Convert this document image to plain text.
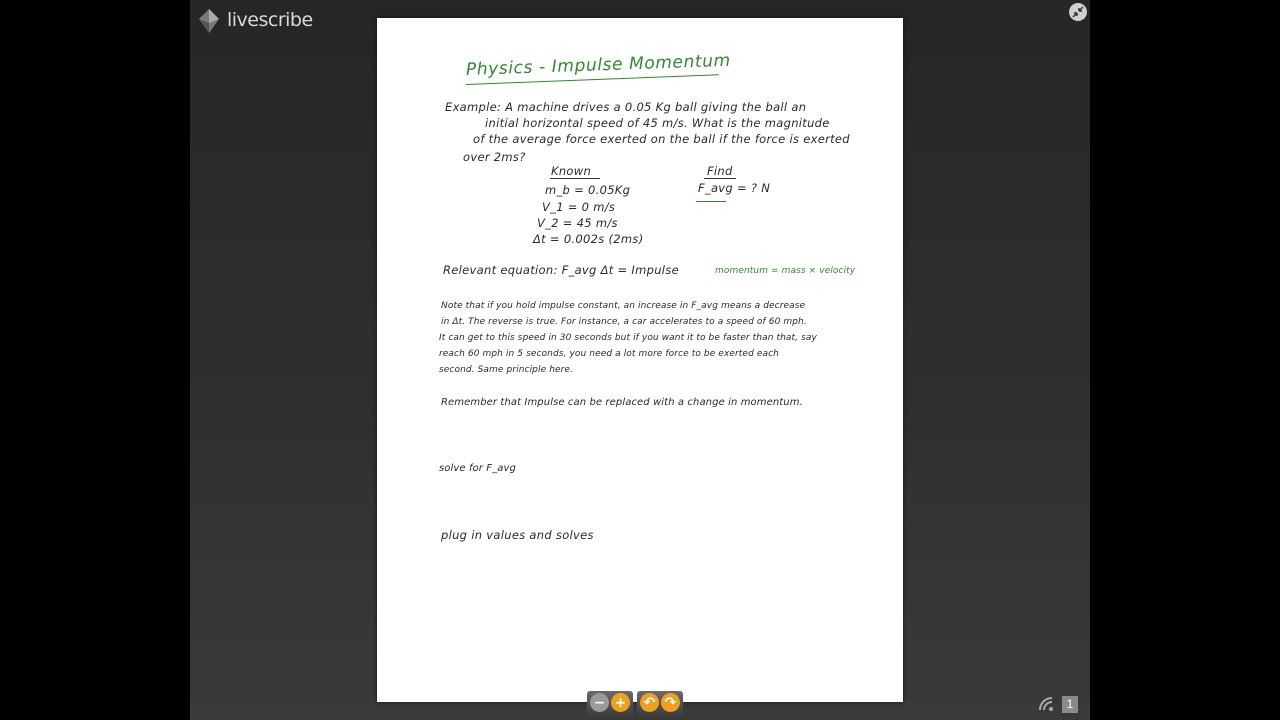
livescribe
Physics - Impulse Momentum
Example: A machine drives a 0.05 Kg ball giving the ball an
initial horizontal speed of 45 m/s. What is the magnitude
of the average force exerted on the ball if the force is exerted
over 2ms?
Known
m_b = 0.05Kg
V_1 = 0 m/s
V_2 = 45 m/s
Δt = 0.002s (2ms)
Find
F_avg = ? N
Relevant equation: F_avg Δt = Impulse	momentum = mass × velocity
Note that if you hold impulse constant, an increase in F_avg means a decrease
in Δt. The reverse is true. For instance, a car accelerates to a speed of 60 mph.
It can get to this speed in 30 seconds but if you want it to be faster than that, say
reach 60 mph in 5 seconds, you need a lot more force to be exerted each
second. Same principle here.
Remember that Impulse can be replaced with a change in momentum.
solve for F_avg
plug in values and solves
− + ↶ ↷	1
